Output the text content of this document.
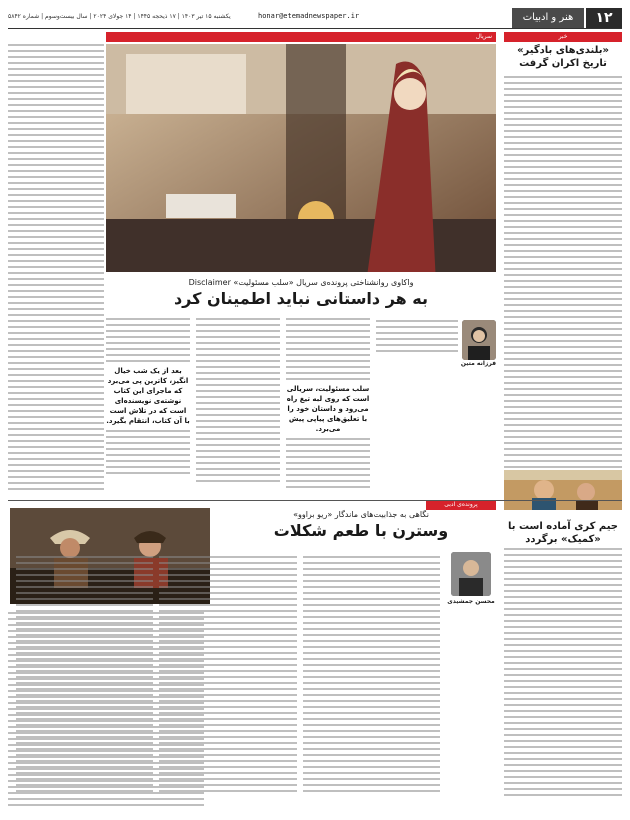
۱۲
هنر و ادبیات
honar@etemadnewspaper.ir
یکشنبه ۱۵ تیر ۱۴۰۳ | ۱۷ ذیحجه ۱۴۴۵ | ۱۴ جولای ۲۰۲۴ | سال بیست‌وسوم | شماره ۵۸۴۲
خبر
سریال
«بلندی‌های بادگیر» تاریخ اکران گرفت
جیم کری آماده است با «کمیک» برگردد
واکاوی روانشناختی پرونده‌ی سریال «سلب مسئولیت» Disclaimer
به هر داستانی نباید اطمینان کرد
فرزانه متین
سلب مسئولیت، سریالی است که روی لبه تیغ راه می‌رود و داستان خود را با تعلیق‌های پیاپی پیش می‌برد.
بعد از یک شب خیال انگیز، کاترین پی می‌برد که ماجرای این کتاب نوشته‌ی نویسنده‌ای است که در تلاش است با آن کتاب، انتقام بگیرد.
پرونده‌ی ادبی
نگاهی به جذابیت‌های ماندگار «ریو براوو»
وسترن با طعم شکلات
محسن جمشیدی
